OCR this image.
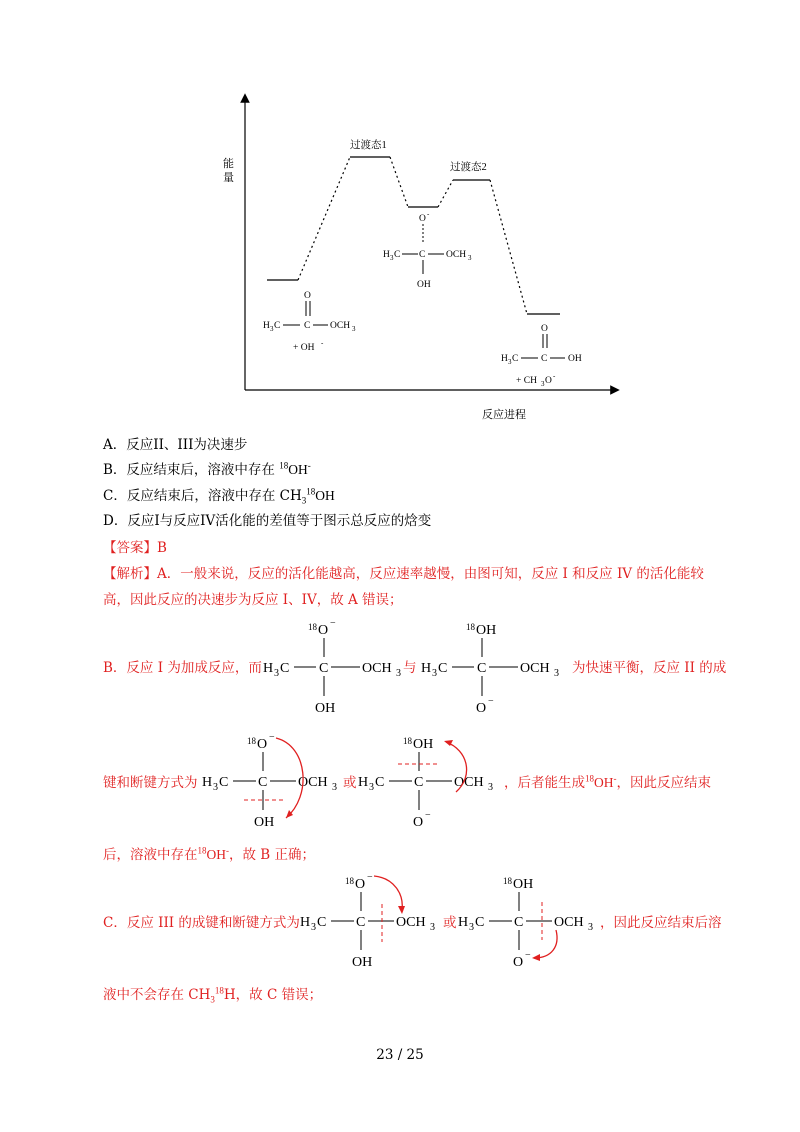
能
量
反应进程
过渡态1
过渡态2
O -
H 3 C C OCH 3
OH
O
H 3 C C OCH 3
+ OH -
O
H 3 C C OH
+ CH 3 O -
A．反应II、III为决速步
B．反应结束后，溶液中存在 $^{18}$OH-
C．反应结束后，溶液中存在 $CH_3^{18}OH$
D．反应I与反应IV活化能的差值等于图示总反应的焓变
【答案】B
【解析】A．一般来说，反应的活化能越高，反应速率越慢，由图可知，反应 I 和反应 IV 的活化能较
高，因此反应的决速步为反应 I、IV，故 A 错误；
B．反应 I 为加成反应，而
18 O −
H 3 C C OCH 3
OH
与
18 OH
H 3 C C OCH 3
O −
为快速平衡，反应 II 的成
键和断键方式为
18 O −
H 3 C C OCH 3
OH
或
18 OH
H 3 C C OCH 3
O −
，后者能生成$^{18}$OH-，因此反应结束
后，溶液中存在$^{18}$OH-，故 B 正确；
C．反应 III 的成键和断键方式为
18 O −
H 3 C C OCH 3
OH
或
18 OH
H 3 C C OCH 3
O −
，因此反应结束后溶
液中不会存在 $CH_3^{18}H$，故 C 错误；
23 / 25
